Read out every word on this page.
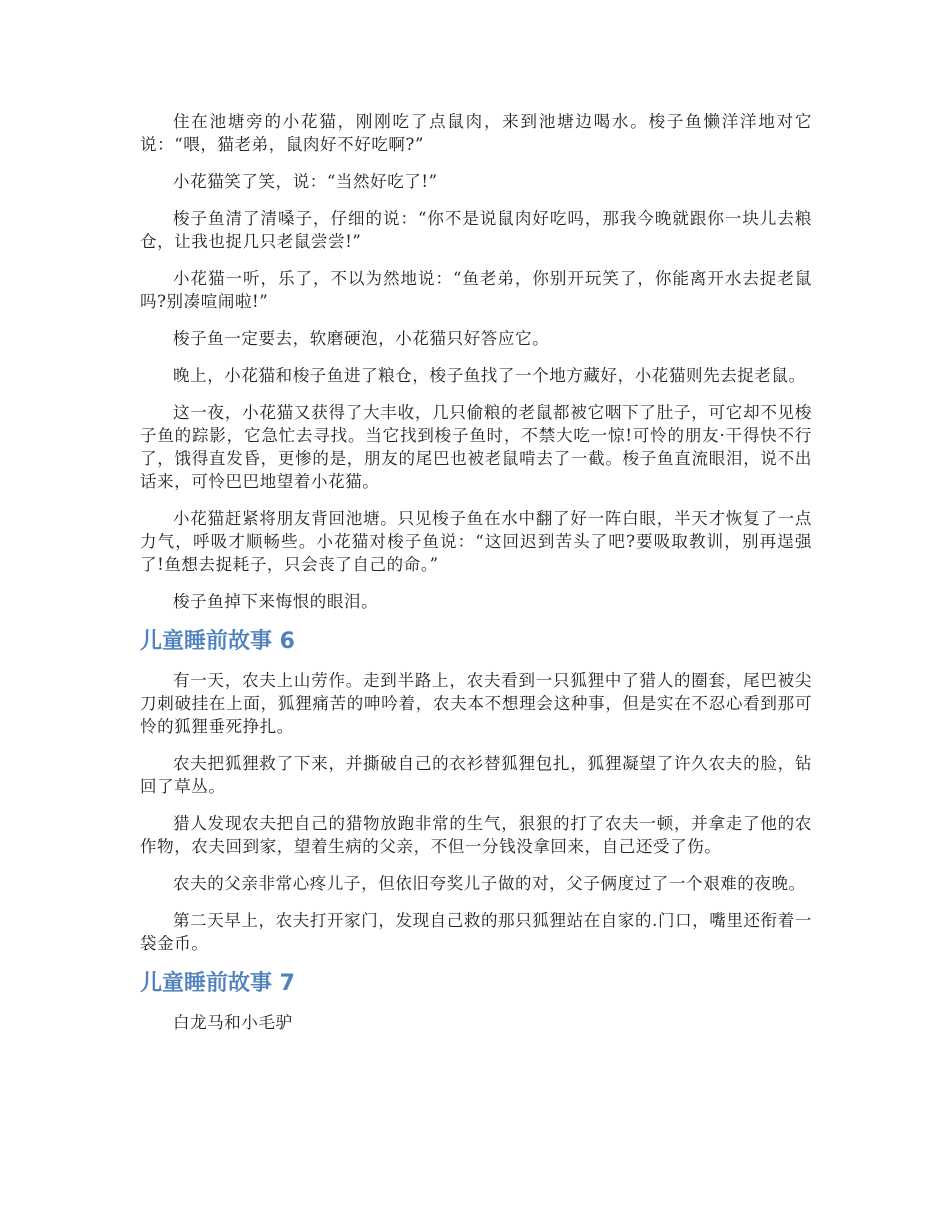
住在池塘旁的小花猫，刚刚吃了点鼠肉，来到池塘边喝水。梭子鱼懒洋洋地对它说：“喂，猫老弟，鼠肉好不好吃啊?”

小花猫笑了笑，说：“当然好吃了!”

梭子鱼清了清嗓子，仔细的说：“你不是说鼠肉好吃吗，那我今晚就跟你一块儿去粮仓，让我也捉几只老鼠尝尝!”

小花猫一听，乐了，不以为然地说：“鱼老弟，你别开玩笑了，你能离开水去捉老鼠吗?别凑喧闹啦!”

梭子鱼一定要去，软磨硬泡，小花猫只好答应它。

晚上，小花猫和梭子鱼进了粮仓，梭子鱼找了一个地方藏好，小花猫则先去捉老鼠。

这一夜，小花猫又获得了大丰收，几只偷粮的老鼠都被它咽下了肚子，可它却不见梭子鱼的踪影，它急忙去寻找。当它找到梭子鱼时，不禁大吃一惊!可怜的朋友·干得快不行了，饿得直发昏，更惨的是，朋友的尾巴也被老鼠啃去了一截。梭子鱼直流眼泪，说不出话来，可怜巴巴地望着小花猫。

小花猫赶紧将朋友背回池塘。只见梭子鱼在水中翻了好一阵白眼，半天才恢复了一点力气，呼吸才顺畅些。小花猫对梭子鱼说：“这回迟到苦头了吧?要吸取教训，别再逞强了!鱼想去捉耗子，只会丧了自己的命。”

梭子鱼掉下来悔恨的眼泪。

儿童睡前故事 6

有一天，农夫上山劳作。走到半路上，农夫看到一只狐狸中了猎人的圈套，尾巴被尖刀刺破挂在上面，狐狸痛苦的呻吟着，农夫本不想理会这种事，但是实在不忍心看到那可怜的狐狸垂死挣扎。

农夫把狐狸救了下来，并撕破自己的衣衫替狐狸包扎，狐狸凝望了许久农夫的脸，钻回了草丛。

猎人发现农夫把自己的猎物放跑非常的生气，狠狠的打了农夫一顿，并拿走了他的农作物，农夫回到家，望着生病的父亲，不但一分钱没拿回来，自己还受了伤。

农夫的父亲非常心疼儿子，但依旧夸奖儿子做的对，父子俩度过了一个艰难的夜晚。

第二天早上，农夫打开家门，发现自己救的那只狐狸站在自家的.门口，嘴里还衔着一袋金币。

儿童睡前故事 7

白龙马和小毛驴
